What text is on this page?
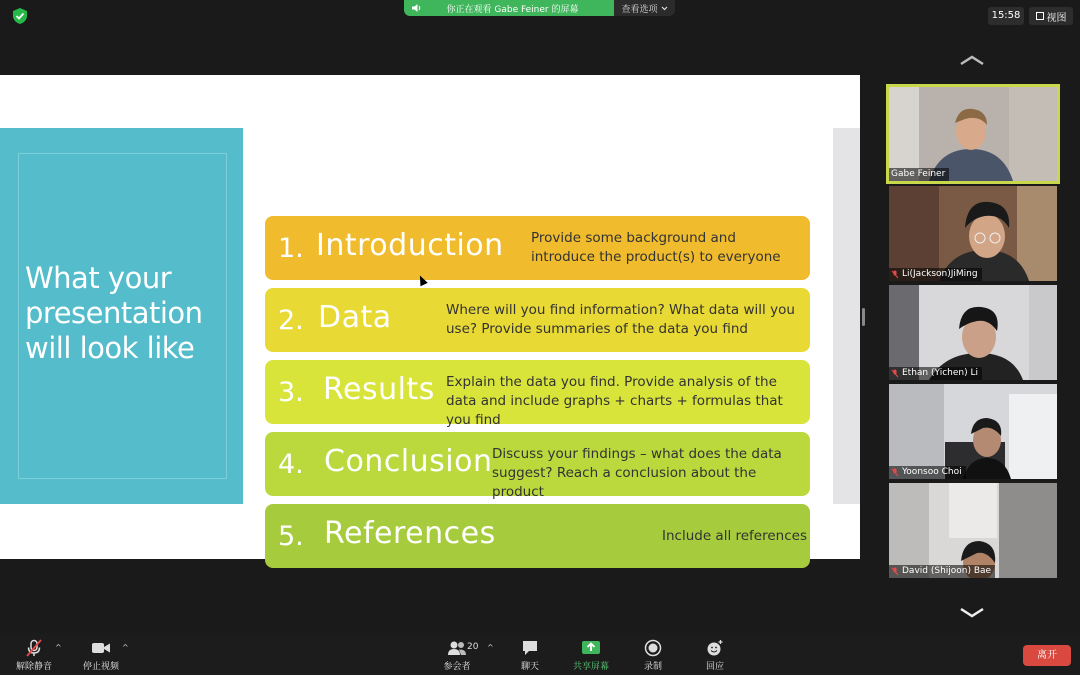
你正在观看 Gabe Feiner 的屏幕	查看选项
15:58	视图
What your presentation will look like
1. Introduction Provide some background and introduce the product(s) to everyone
2. Data	Where will you find information? What data will you use? Provide summaries of the data you find
3. Results Explain the data you find. Provide analysis of the data and include graphs + charts + formulas that you find
4. Conclusion Discuss your findings – what does the data suggest? Reach a conclusion about the product
5. References	Include all references
Gabe Feiner
Li(Jackson)JiMing
Ethan (Yichen) Li
Yoonsoo Choi
David (Shijoon) Bae
解除静音
^
停止视频
^
参会者
20 ^
聊天	共享屏幕	录制	回应
离开
